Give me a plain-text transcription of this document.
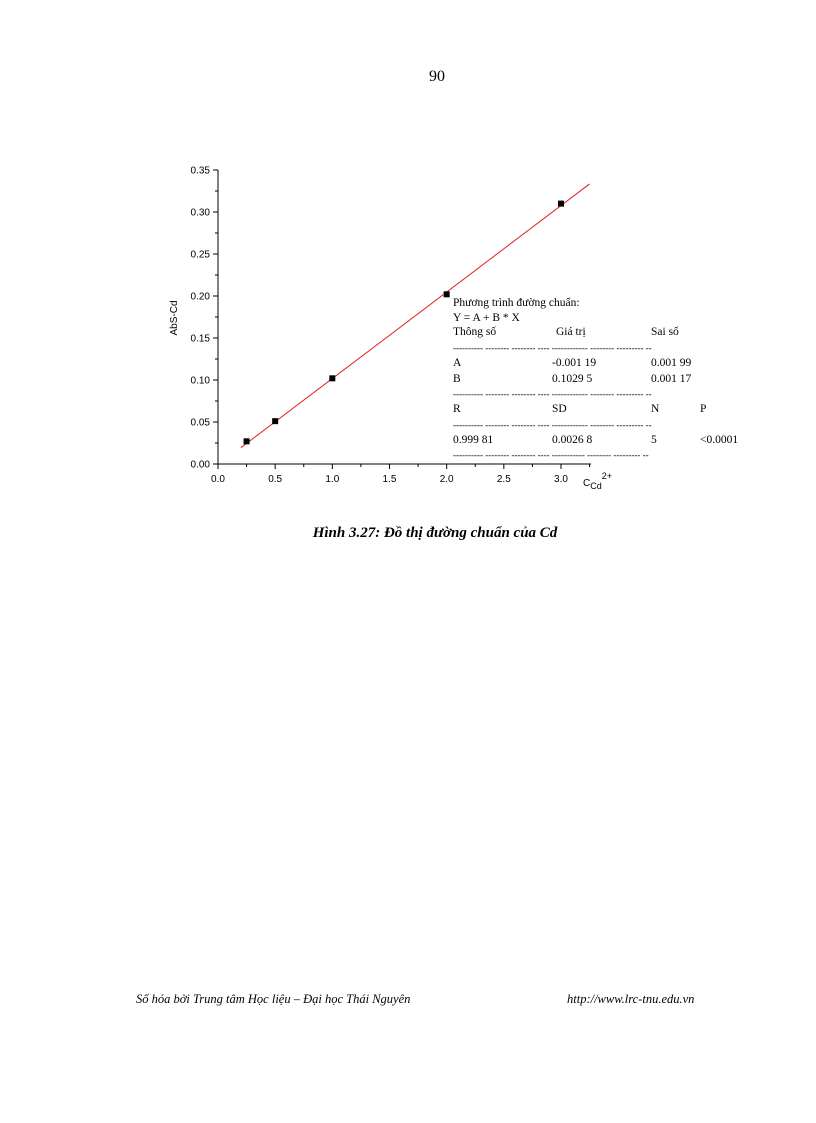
90
0.00
0.05
0.10
0.15
0.20
0.25
0.30
0.35
0.0	0.5	1.0	1.5	2.0	2.5	3.0
AbS-Cd
CCd2+
Phương trình đường chuẩn:
Y = A + B * X
Thông số	Giá trị	Sai số
---------- -------- -------- ---- ------------ -------- --------- --
A	-0.001 19	0.001 99
B	0.1029 5	0.001 17
---------- -------- -------- ---- ------------ -------- --------- --
R	SD	N	P
---------- -------- -------- ---- ------------ -------- --------- --
0.999 81	0.0026 8	5	<0.0001
---------- -------- -------- ---- ----------- -------- --------- --
Hình 3.27: Đồ thị đường chuẩn của Cd
Số hóa bởi Trung tâm Học liệu – Đại học Thái Nguyên	http://www.lrc-tnu.edu.vn
